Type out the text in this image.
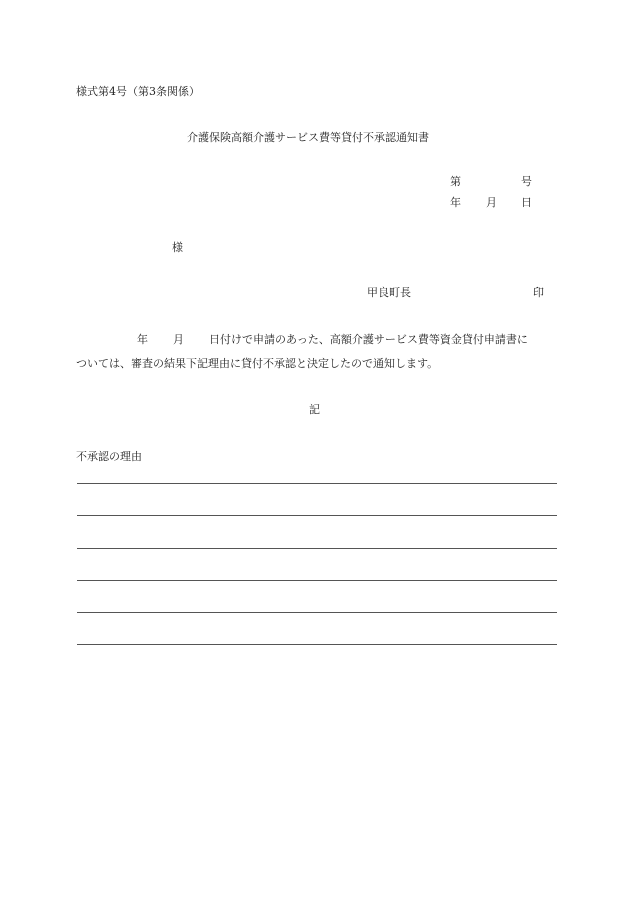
様式第4号（第3条関係）
介護保険高額介護サービス費等貸付不承認通知書
第	号
年 月 日
様
甲良町長	印
年 月 日付けで申請のあった、高額介護サービス費等資金貸付申請書に
ついては、審査の結果下記理由に貸付不承認と決定したので通知します。
記
不承認の理由
